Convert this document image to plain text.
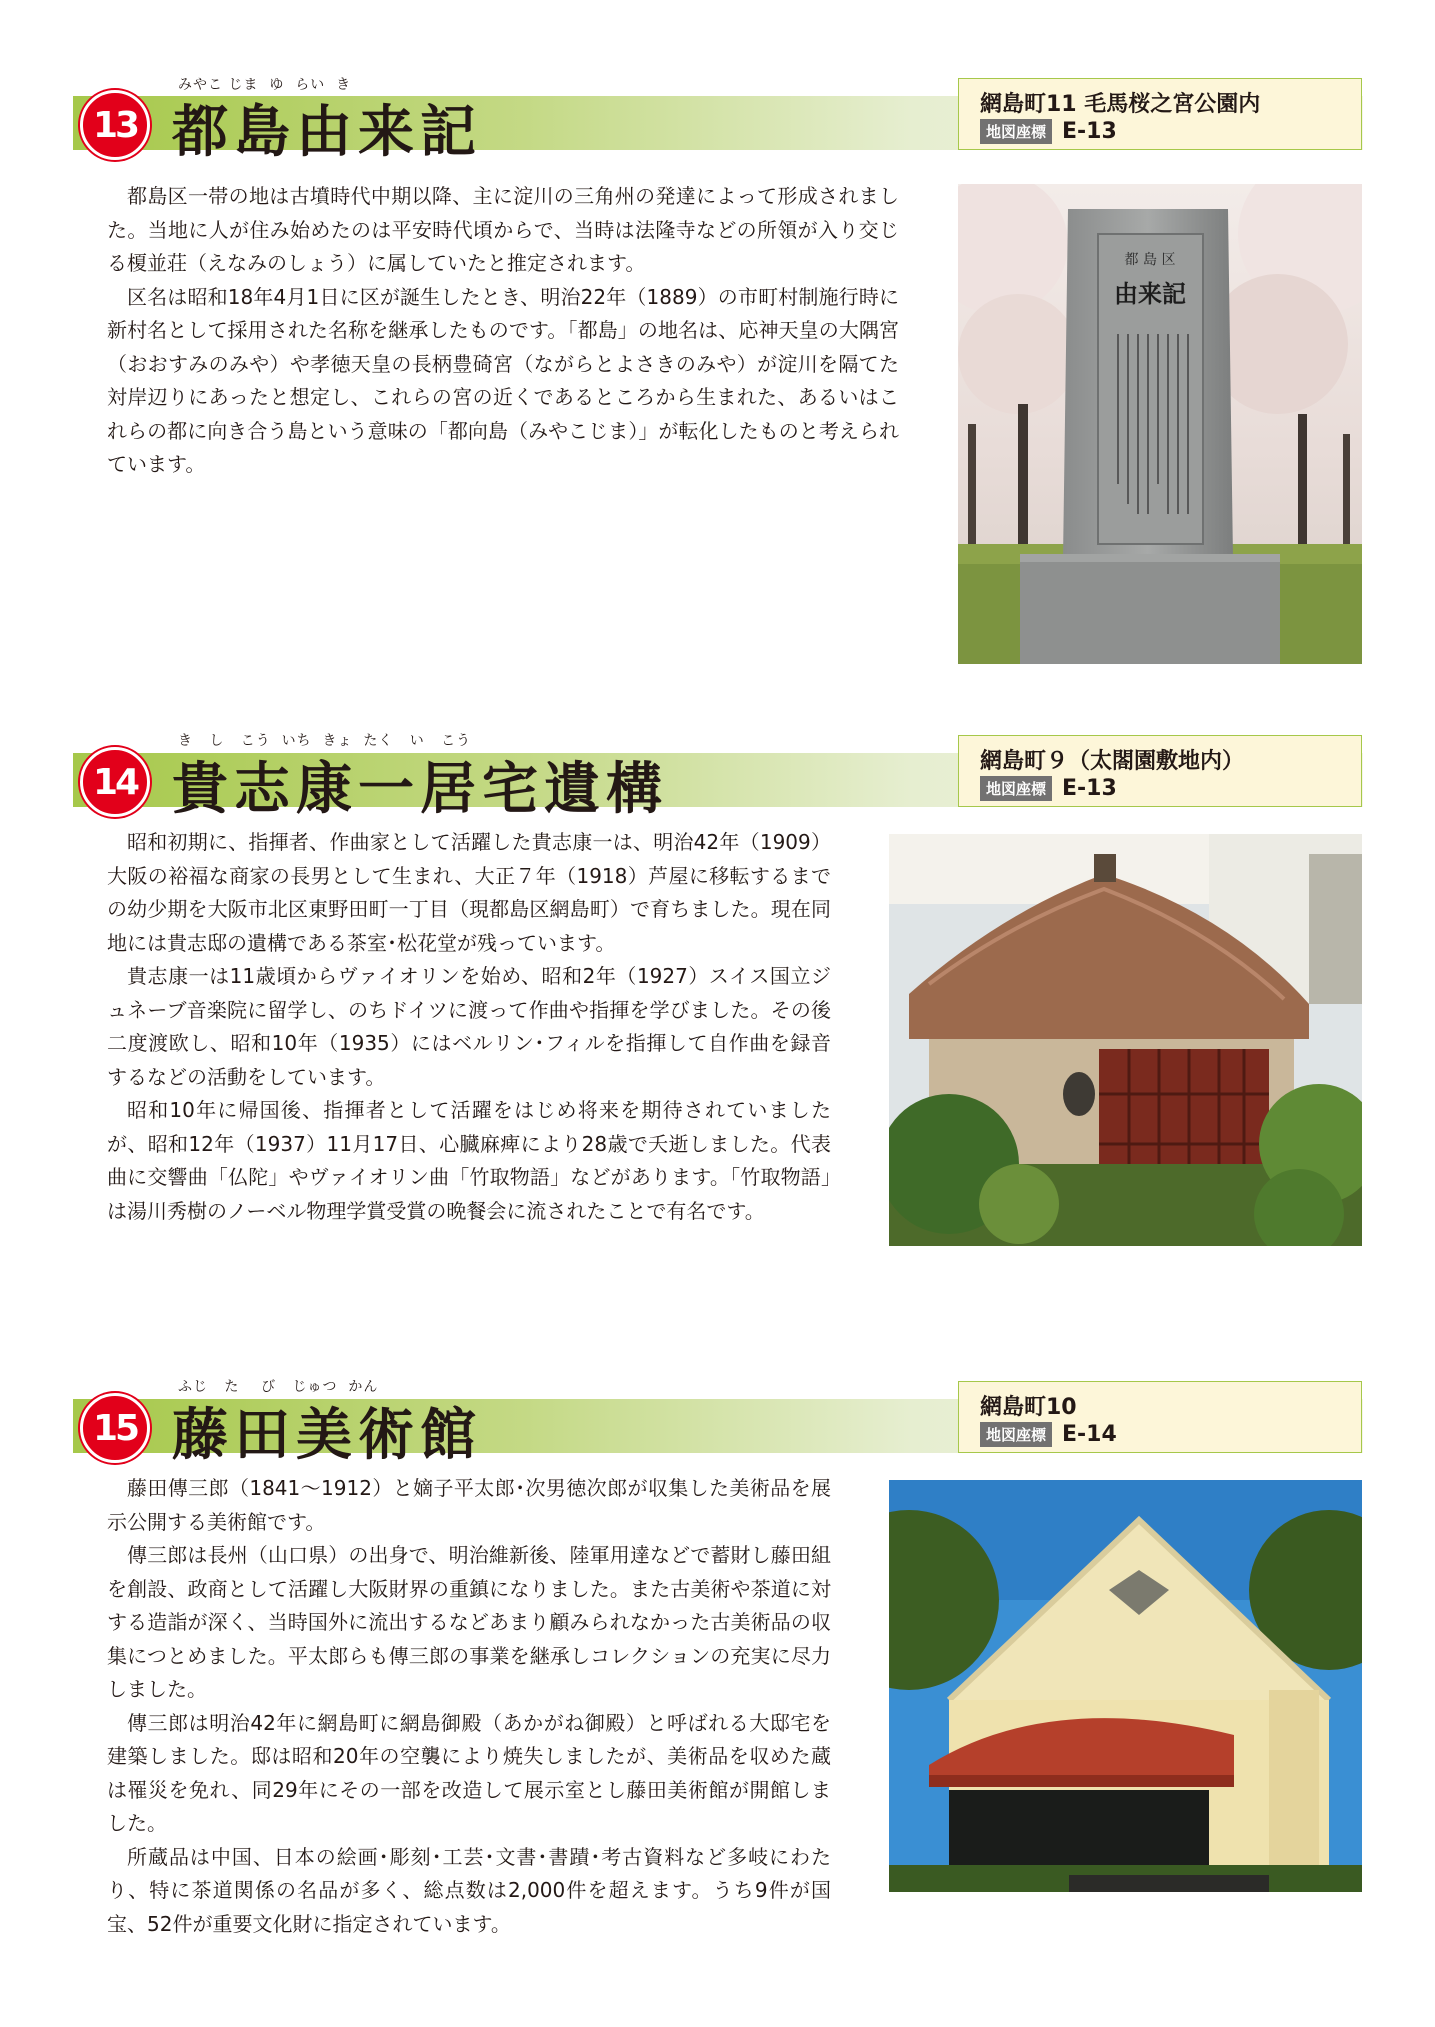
13
みやこ じま  ゆ  らい  き
都島由来記	網島町11 毛馬桜之宮公園内
地図座標 E-13

都島区一帯の地は古墳時代中期以降、主に淀川の三角州の発達によって形成されました。当地に人が住み始めたのは平安時代頃からで、当時は法隆寺などの所領が入り交じる榎並荘（えなみのしょう）に属していたと推定されます。

区名は昭和18年4月1日に区が誕生したとき、明治22年（1889）の市町村制施行時に新村名として採用された名称を継承したものです。「都島」の地名は、応神天皇の大隅宮（おおすみのみや）や孝徳天皇の長柄豊碕宮（ながらとよさきのみや）が淀川を隔てた対岸辺りにあったと想定し、これらの宮の近くであるところから生まれた、あるいはこれらの都に向き合う島という意味の「都向島（みやこじま）」が転化したものと考えられています。

都 島 区
由来記
14
き   し   こう  いち  きょ  たく   い   こう
貴志康一居宅遺構	網島町９（太閤園敷地内）
地図座標 E-13

昭和初期に、指揮者、作曲家として活躍した貴志康一は、明治42年（1909）大阪の裕福な商家の長男として生まれ、大正７年（1918）芦屋に移転するまでの幼少期を大阪市北区東野田町一丁目（現都島区網島町）で育ちました。現在同地には貴志邸の遺構である茶室･松花堂が残っています。

貴志康一は11歳頃からヴァイオリンを始め、昭和2年（1927）スイス国立ジュネーブ音楽院に留学し、のちドイツに渡って作曲や指揮を学びました。その後二度渡欧し、昭和10年（1935）にはベルリン･フィルを指揮して自作曲を録音するなどの活動をしています。

昭和10年に帰国後、指揮者として活躍をはじめ将来を期待されていましたが、昭和12年（1937）11月17日、心臓麻痺により28歳で夭逝しました。代表曲に交響曲「仏陀」やヴァイオリン曲「竹取物語」などがあります。「竹取物語」は湯川秀樹のノーベル物理学賞受賞の晩餐会に流されたことで有名です。

15
ふじ   た    び   じゅつ  かん
藤田美術館	網島町10
地図座標 E-14

藤田傳三郎（1841～1912）と嫡子平太郎･次男徳次郎が収集した美術品を展示公開する美術館です。

傳三郎は長州（山口県）の出身で、明治維新後、陸軍用達などで蓄財し藤田組を創設、政商として活躍し大阪財界の重鎮になりました。また古美術や茶道に対する造詣が深く、当時国外に流出するなどあまり顧みられなかった古美術品の収集につとめました。平太郎らも傳三郎の事業を継承しコレクションの充実に尽力しました。

傳三郎は明治42年に網島町に網島御殿（あかがね御殿）と呼ばれる大邸宅を建築しました。邸は昭和20年の空襲により焼失しましたが、美術品を収めた蔵は罹災を免れ、同29年にその一部を改造して展示室とし藤田美術館が開館しました。

所蔵品は中国、日本の絵画･彫刻･工芸･文書･書蹟･考古資料など多岐にわたり、特に茶道関係の名品が多く、総点数は2,000件を超えます。うち9件が国宝、52件が重要文化財に指定されています。
